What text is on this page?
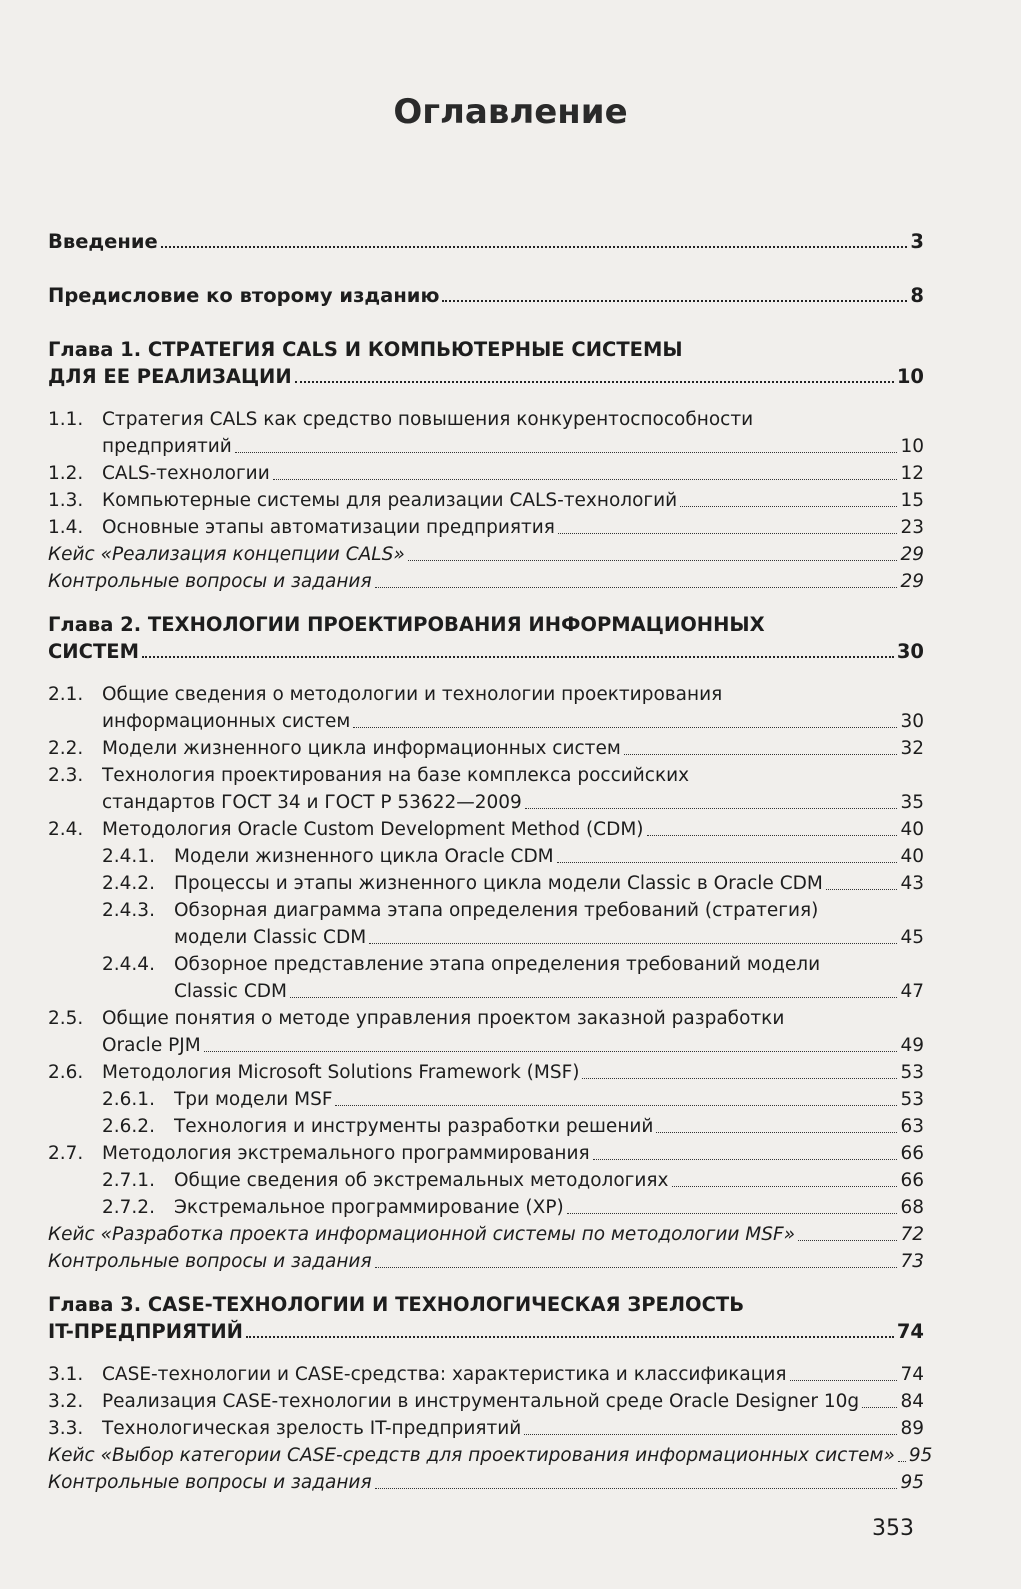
Оглавление
Введение	3
Предисловие ко второму изданию	8
Глава 1. СТРАТЕГИЯ CALS И КОМПЬЮТЕРНЫЕ СИСТЕМЫ
ДЛЯ ЕЕ РЕАЛИЗАЦИИ	10
1.1.	Стратегия CALS как средство повышения конкурентоспособности
предприятий	10
1.2.	CALS-технологии	12
1.3.	Компьютерные системы для реализации CALS-технологий	15
1.4.	Основные этапы автоматизации предприятия	23
Кейс «Реализация концепции CALS»	29
Контрольные вопросы и задания	29
Глава 2. ТЕХНОЛОГИИ ПРОЕКТИРОВАНИЯ ИНФОРМАЦИОННЫХ
СИСТЕМ	30
2.1.	Общие сведения о методологии и технологии проектирования
информационных систем	30
2.2.	Модели жизненного цикла информационных систем	32
2.3.	Технология проектирования на базе комплекса российских
стандартов ГОСТ 34 и ГОСТ Р 53622—2009	35
2.4.	Методология Oracle Custom Development Method (CDM)	40
2.4.1.	Модели жизненного цикла Oracle CDM	40
2.4.2.	Процессы и этапы жизненного цикла модели Classic в Oracle CDM	43
2.4.3.	Обзорная диаграмма этапа определения требований (стратегия)
модели Classic CDM	45
2.4.4.	Обзорное представление этапа определения требований модели
Classic CDM	47
2.5.	Общие понятия о методе управления проектом заказной разработки
Oracle PJM	49
2.6.	Методология Microsoft Solutions Framework (MSF)	53
2.6.1.	Три модели MSF	53
2.6.2.	Технология и инструменты разработки решений	63
2.7.	Методология экстремального программирования	66
2.7.1.	Общие сведения об экстремальных методологиях	66
2.7.2.	Экстремальное программирование (XP)	68
Кейс «Разработка проекта информационной системы по методологии MSF»	72
Контрольные вопросы и задания	73
Глава 3. CASE-ТЕХНОЛОГИИ И ТЕХНОЛОГИЧЕСКАЯ ЗРЕЛОСТЬ
IT-ПРЕДПРИЯТИЙ	74
3.1.	CASE-технологии и CASE-средства: характеристика и классификация	74
3.2.	Реализация CASE-технологии в инструментальной среде Oracle Designer 10g 84
3.3.	Технологическая зрелость IT-предприятий	89
Кейс «Выбор категории CASE-средств для проектирования информационных систем» 95
Контрольные вопросы и задания	95
353
